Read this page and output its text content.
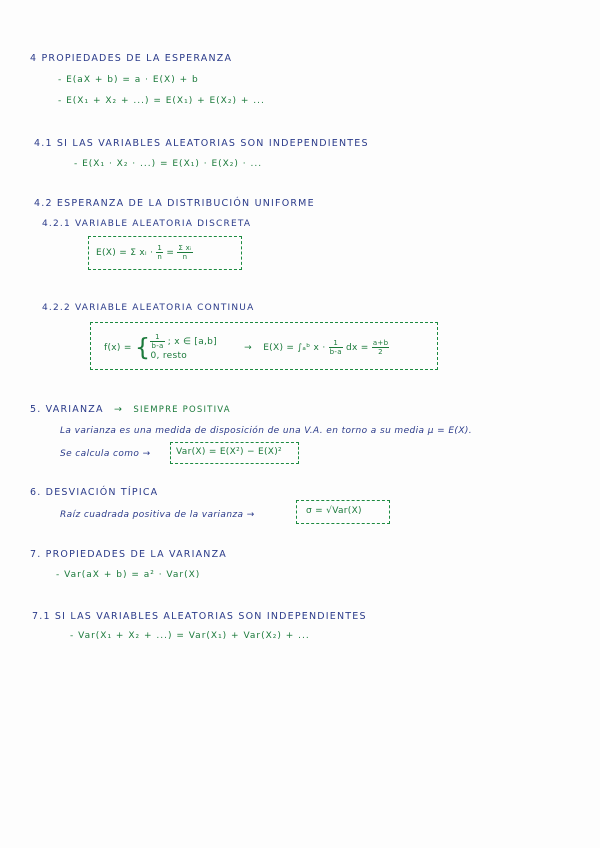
4 PROPIEDADES DE LA ESPERANZA
- E(aX + b) = a · E(X) + b
- E(X₁ + X₂ + ...) = E(X₁) + E(X₂) + ...
4.1 SI LAS VARIABLES ALEATORIAS SON INDEPENDIENTES
- E(X₁ · X₂ · ...) = E(X₁) · E(X₂) · ...
4.2 ESPERANZA DE LA DISTRIBUCIÓN UNIFORME
4.2.1 VARIABLE ALEATORIA DISCRETA
E(X) = Σ xᵢ · $\frac{1}{n} = \frac{\text{Σ xᵢ}}{n}$
4.2.2 VARIABLE ALEATORIA CONTINUA
f(x) = { $\frac{1}{b-a}$ ; x ∈ [a,b]
0, resto
→ E(X) = ∫ₐᵇ $x \cdot \frac{1}{b-a}$ dx = $\frac{a+b}{2}$
5. VARIANZA → SIEMPRE POSITIVA
La varianza es una medida de disposición de una V.A. en torno a su media μ = E(X).
Se calcula como →	Var(X) = E(X²) − E(X)²
6. DESVIACIÓN TÍPICA
Raíz cuadrada positiva de la varianza →	σ = √Var(X)
7. PROPIEDADES DE LA VARIANZA
- Var(aX + b) = a² · Var(X)
7.1 SI LAS VARIABLES ALEATORIAS SON INDEPENDIENTES
- Var(X₁ + X₂ + ...) = Var(X₁) + Var(X₂) + ...
